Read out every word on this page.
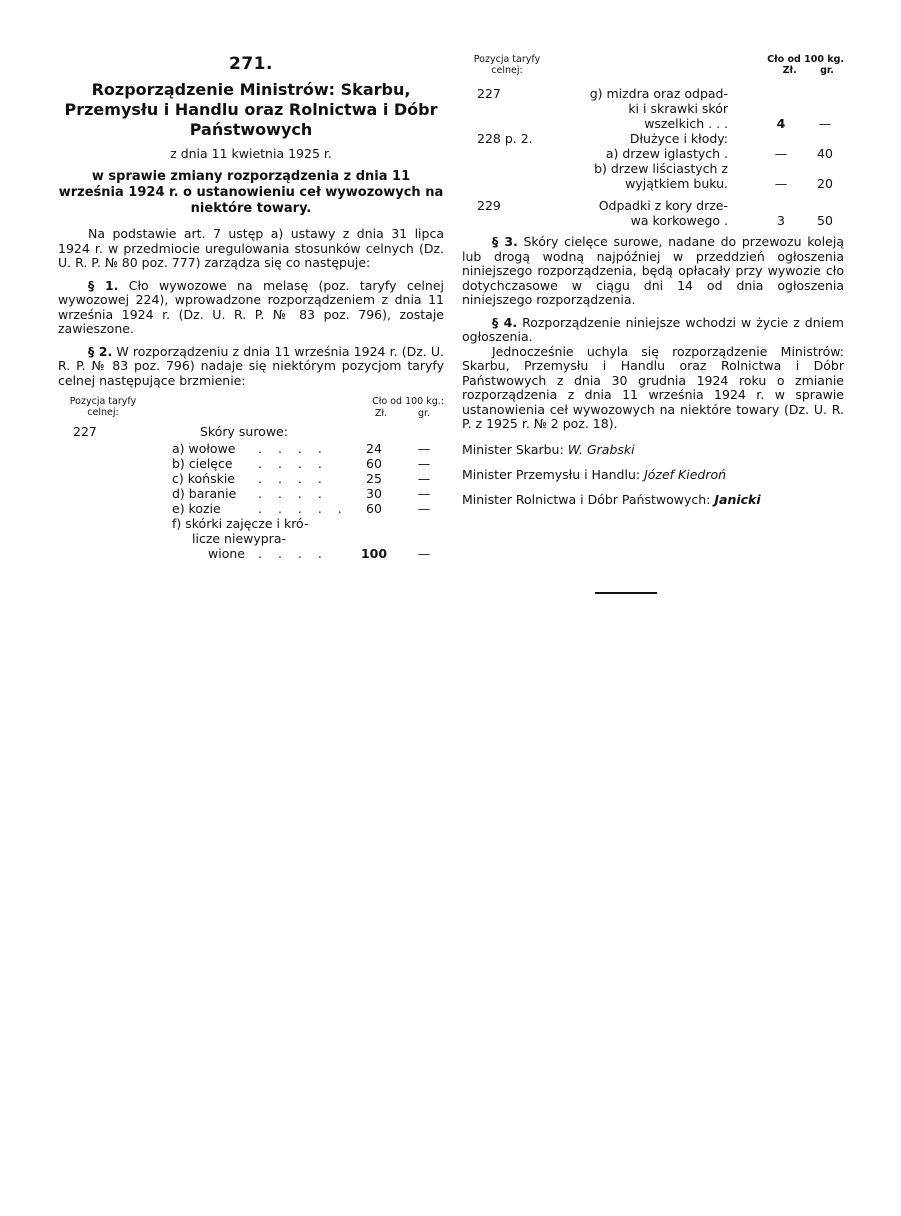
271.
Rozporządzenie Ministrów: Skarbu, Przemysłu i Handlu oraz Rolnictwa i Dóbr Państwowych
z dnia 11 kwietnia 1925 r.
w sprawie zmiany rozporządzenia z dnia 11 września 1924 r. o ustanowieniu ceł wywozowych na niektóre towary.

Na podstawie art. 7 ustęp a) ustawy z dnia 31 lipca 1924 r. w przedmiocie uregulowania stosunków celnych (Dz. U. R. P. № 80 poz. 777) zarządza się co następuje:

§ 1. Cło wywozowe na melasę (poz. taryfy celnej wywozowej 224), wprowadzone rozporządzeniem z dnia 11 września 1924 r. (Dz. U. R. P. № 83 poz. 796), zostaje zawieszone.

§ 2. W rozporządzeniu z dnia 11 września 1924 r. (Dz. U. R. P. № 83 poz. 796) nadaje się niektórym pozycjom taryfy celnej następujące brzmienie:

Pozycja taryfy
celnej:
Cło od 100 kg.:
Zł.	gr.
227	Skóry surowe:
a) wołowe . . . .	24	—
b) cielęce . . . .	60	—
c) końskie . . . .	25	—
d) baranie . . . .	30	—
e) kozie	. . . . .	60	—
f) skórki zajęcze i kró-
licze niewypra-
wione . . . .	100	—
Pozycja taryfy
celnej:
Cło od 100 kg.
Zł. gr.
227	g) mizdra oraz odpad-
ki i skrawki skór
wszelkich . . .	4	—
228 p. 2.	Dłużyce i kłody:
a) drzew iglastych .	—	40
b) drzew liściastych z
wyjątkiem buku.	—	20
229	Odpadki z kory drze-
wa korkowego .	3	50

§ 3. Skóry cielęce surowe, nadane do przewozu koleją lub drogą wodną najpóźniej w przeddzień ogłoszenia niniejszego rozporządzenia, będą opłacały przy wywozie cło dotychczasowe w ciągu dni 14 od dnia ogłoszenia niniejszego rozporządzenia.

§ 4. Rozporządzenie niniejsze wchodzi w życie z dniem ogłoszenia.

Jednocześnie uchyla się rozporządzenie Ministrów: Skarbu, Przemysłu i Handlu oraz Rolnictwa i Dóbr Państwowych z dnia 30 grudnia 1924 roku o zmianie rozporządzenia z dnia 11 września 1924 r. w sprawie ustanowienia ceł wywozowych na niektóre towary (Dz. U. R. P. z 1925 r. № 2 poz. 18).

Minister Skarbu: W. Grabski
Minister Przemysłu i Handlu: Józef Kiedroń
Minister Rolnictwa i Dóbr Państwowych: Janicki
